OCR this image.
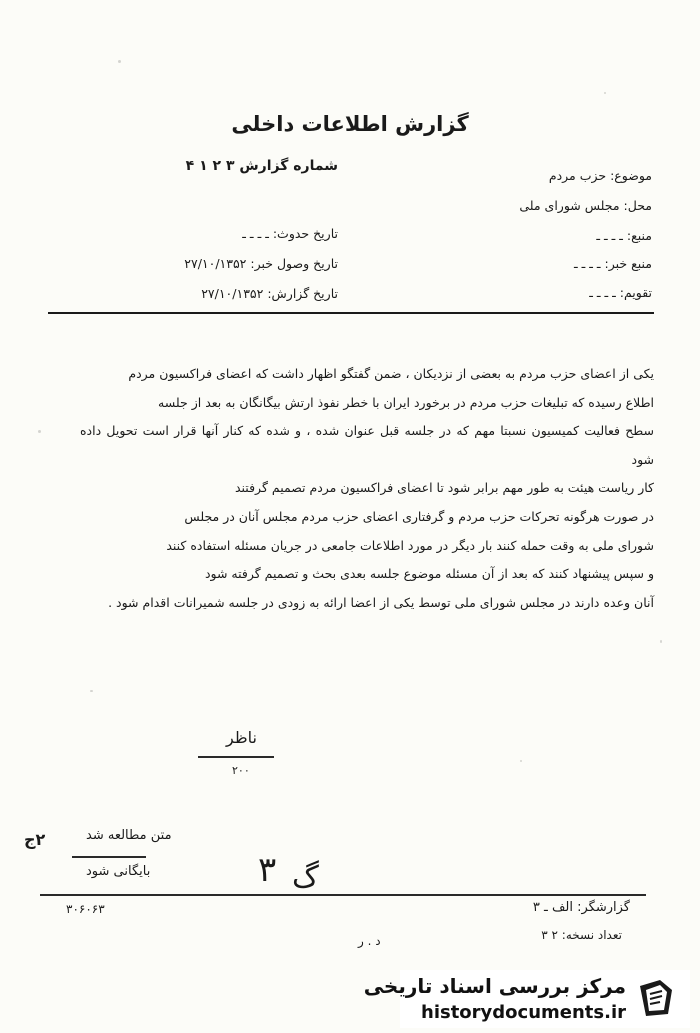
گزارش اطلاعات داخلی
موضوع: حزب مردم
محل: مجلس شورای ملی
منبع: ـ ـ ـ ـ
منبع خبر: ـ ـ ـ ـ
تقویم: ـ ـ ـ ـ
شماره گزارش ۳ ۲ ۱ ۴
تاریخ حدوث: ـ ـ ـ ـ
تاریخ وصول خبر: ۲۷/۱۰/۱۳۵۲
تاریخ گزارش: ۲۷/۱۰/۱۳۵۲

یکی از اعضای حزب مردم به بعضی از نزدیکان ، ضمن گفتگو اظهار داشت که اعضای فراکسیون مردم

اطلاع رسیده که تبلیغات حزب مردم در برخورد ایران با خطر نفوذ ارتش بیگانگان به بعد از جلسه

سطح فعالیت کمیسیون نسبتا مهم که در جلسه قبل عنوان شده ، و شده که کنار آنها قرار است تحویل داده شود

کار ریاست هیئت به طور مهم برابر شود تا اعضای فراکسیون مردم تصمیم گرفتند

در صورت هرگونه تحرکات حزب مردم و گرفتاری اعضای حزب مردم مجلس آنان در مجلس

شورای ملی به وقت حمله کنند بار دیگر در مورد اطلاعات جامعی در جریان مسئله استفاده کنند

و سپس پیشنهاد کنند که بعد از آن مسئله موضوع جلسه بعدی بحث و تصمیم گرفته شود

آنان وعده دارند در مجلس شورای ملی توسط یکی از اعضا ارائه به زودی در جلسه شمیرانات اقدام شود .

ناظر
۲۰۰
۲ج	متن مطالعه شد
بایگانی شود
۳۰۶۰۶۳
۳ گ
گزارشگر: الف ـ ۳
تعداد نسخه: ۲ ۳
د . ر
مرکز بررسی اسناد تاریخی
historydocuments.ir
